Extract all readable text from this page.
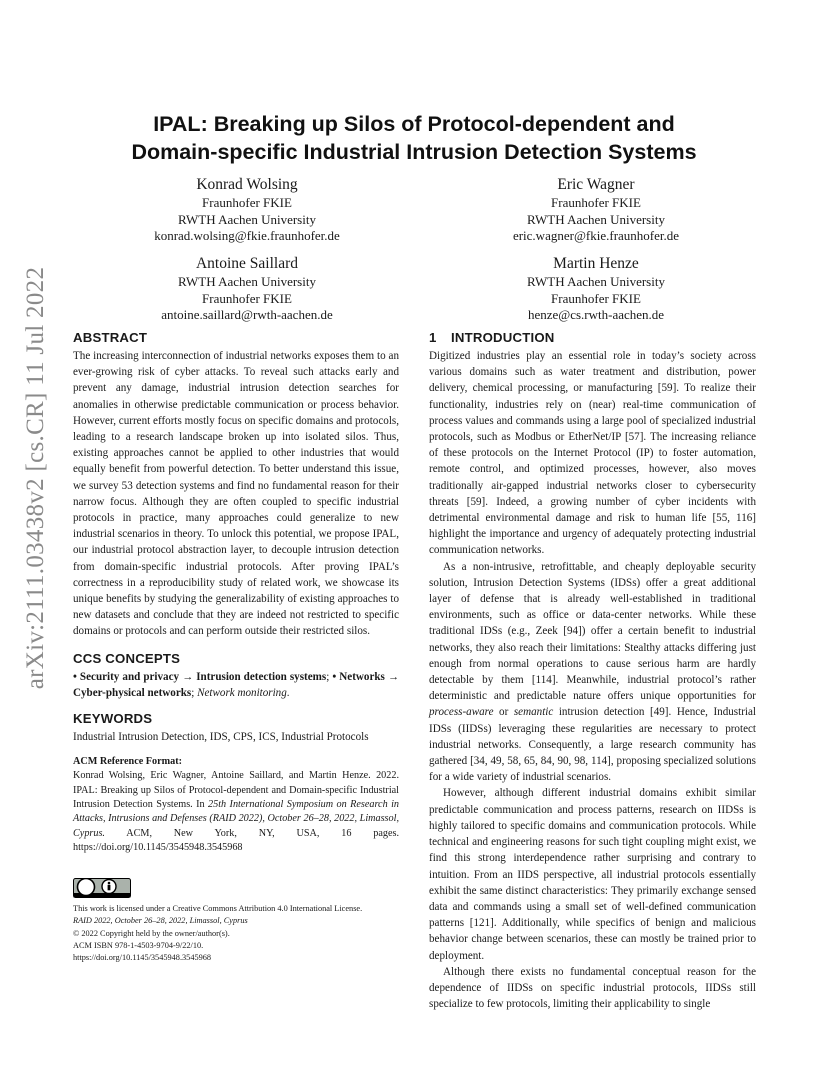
arXiv:2111.03438v2 [cs.CR] 11 Jul 2022
IPAL: Breaking up Silos of Protocol-dependent and
Domain-specific Industrial Intrusion Detection Systems
Konrad Wolsing
Fraunhofer FKIE
RWTH Aachen University
konrad.wolsing@fkie.fraunhofer.de
Eric Wagner
Fraunhofer FKIE
RWTH Aachen University
eric.wagner@fkie.fraunhofer.de
Antoine Saillard
RWTH Aachen University
Fraunhofer FKIE
antoine.saillard@rwth-aachen.de
Martin Henze
RWTH Aachen University
Fraunhofer FKIE
henze@cs.rwth-aachen.de
ABSTRACT

The increasing interconnection of industrial networks exposes them to an ever-growing risk of cyber attacks. To reveal such attacks early and prevent any damage, industrial intrusion detection searches for anomalies in otherwise predictable communication or process behavior. However, current efforts mostly focus on specific domains and protocols, leading to a research landscape broken up into isolated silos. Thus, existing approaches cannot be applied to other industries that would equally benefit from powerful detection. To better understand this issue, we survey 53 detection systems and find no fundamental reason for their narrow focus. Although they are often coupled to specific industrial protocols in practice, many approaches could generalize to new industrial scenarios in theory. To unlock this potential, we propose IPAL, our industrial protocol abstraction layer, to decouple intrusion detection from domain-specific industrial protocols. After proving IPAL’s correctness in a reproducibility study of related work, we showcase its unique benefits by studying the generalizability of existing approaches to new datasets and conclude that they are indeed not restricted to specific domains or protocols and can perform outside their restricted silos.

CCS CONCEPTS

• Security and privacy → Intrusion detection systems; • Networks → Cyber-physical networks; Network monitoring.

KEYWORDS

Industrial Intrusion Detection, IDS, CPS, ICS, Industrial Protocols

ACM Reference Format:
Konrad Wolsing, Eric Wagner, Antoine Saillard, and Martin Henze. 2022. IPAL: Breaking up Silos of Protocol-dependent and Domain-specific Industrial Intrusion Detection Systems. In 25th International Symposium on Research in Attacks, Intrusions and Defenses (RAID 2022), October 26–28, 2022, Limassol, Cyprus. ACM, New York, NY, USA, 16 pages. https://doi.org/10.1145/3545948.3545968
This work is licensed under a Creative Commons Attribution 4.0 International License.
RAID 2022, October 26–28, 2022, Limassol, Cyprus
© 2022 Copyright held by the owner/author(s).
ACM ISBN 978-1-4503-9704-9/22/10.
https://doi.org/10.1145/3545948.3545968
1 INTRODUCTION

Digitized industries play an essential role in today’s society across various domains such as water treatment and distribution, power delivery, chemical processing, or manufacturing [59]. To realize their functionality, industries rely on (near) real-time communication of process values and commands using a large pool of specialized industrial protocols, such as Modbus or EtherNet/IP [57]. The increasing reliance of these protocols on the Internet Protocol (IP) to foster automation, remote control, and optimized processes, however, also moves traditionally air-gapped industrial networks closer to cybersecurity threats [59]. Indeed, a growing number of cyber incidents with detrimental environmental damage and risk to human life [55, 116] highlight the importance and urgency of adequately protecting industrial communication networks.

As a non-intrusive, retrofittable, and cheaply deployable security solution, Intrusion Detection Systems (IDSs) offer a great additional layer of defense that is already well-established in traditional environments, such as office or data-center networks. While these traditional IDSs (e.g., Zeek [94]) offer a certain benefit to industrial networks, they also reach their limitations: Stealthy attacks differing just enough from normal operations to cause serious harm are hardly detectable by them [114]. Meanwhile, industrial protocol’s rather deterministic and predictable nature offers unique opportunities for process-aware or semantic intrusion detection [49]. Hence, Industrial IDSs (IIDSs) leveraging these regularities are necessary to protect industrial networks. Consequently, a large research community has gathered [34, 49, 58, 65, 84, 90, 98, 114], proposing specialized solutions for a wide variety of industrial scenarios.

However, although different industrial domains exhibit similar predictable communication and process patterns, research on IIDSs is highly tailored to specific domains and communication protocols. While technical and engineering reasons for such tight coupling might exist, we find this strong interdependence rather surprising and contrary to intuition. From an IIDS perspective, all industrial protocols essentially exhibit the same distinct characteristics: They primarily exchange sensed data and commands using a small set of well-defined communication patterns [121]. Additionally, while specifics of benign and malicious behavior change between scenarios, these can mostly be trained prior to deployment.

Although there exists no fundamental conceptual reason for the dependence of IIDSs on specific industrial protocols, IIDSs still specialize to few protocols, limiting their applicability to single
